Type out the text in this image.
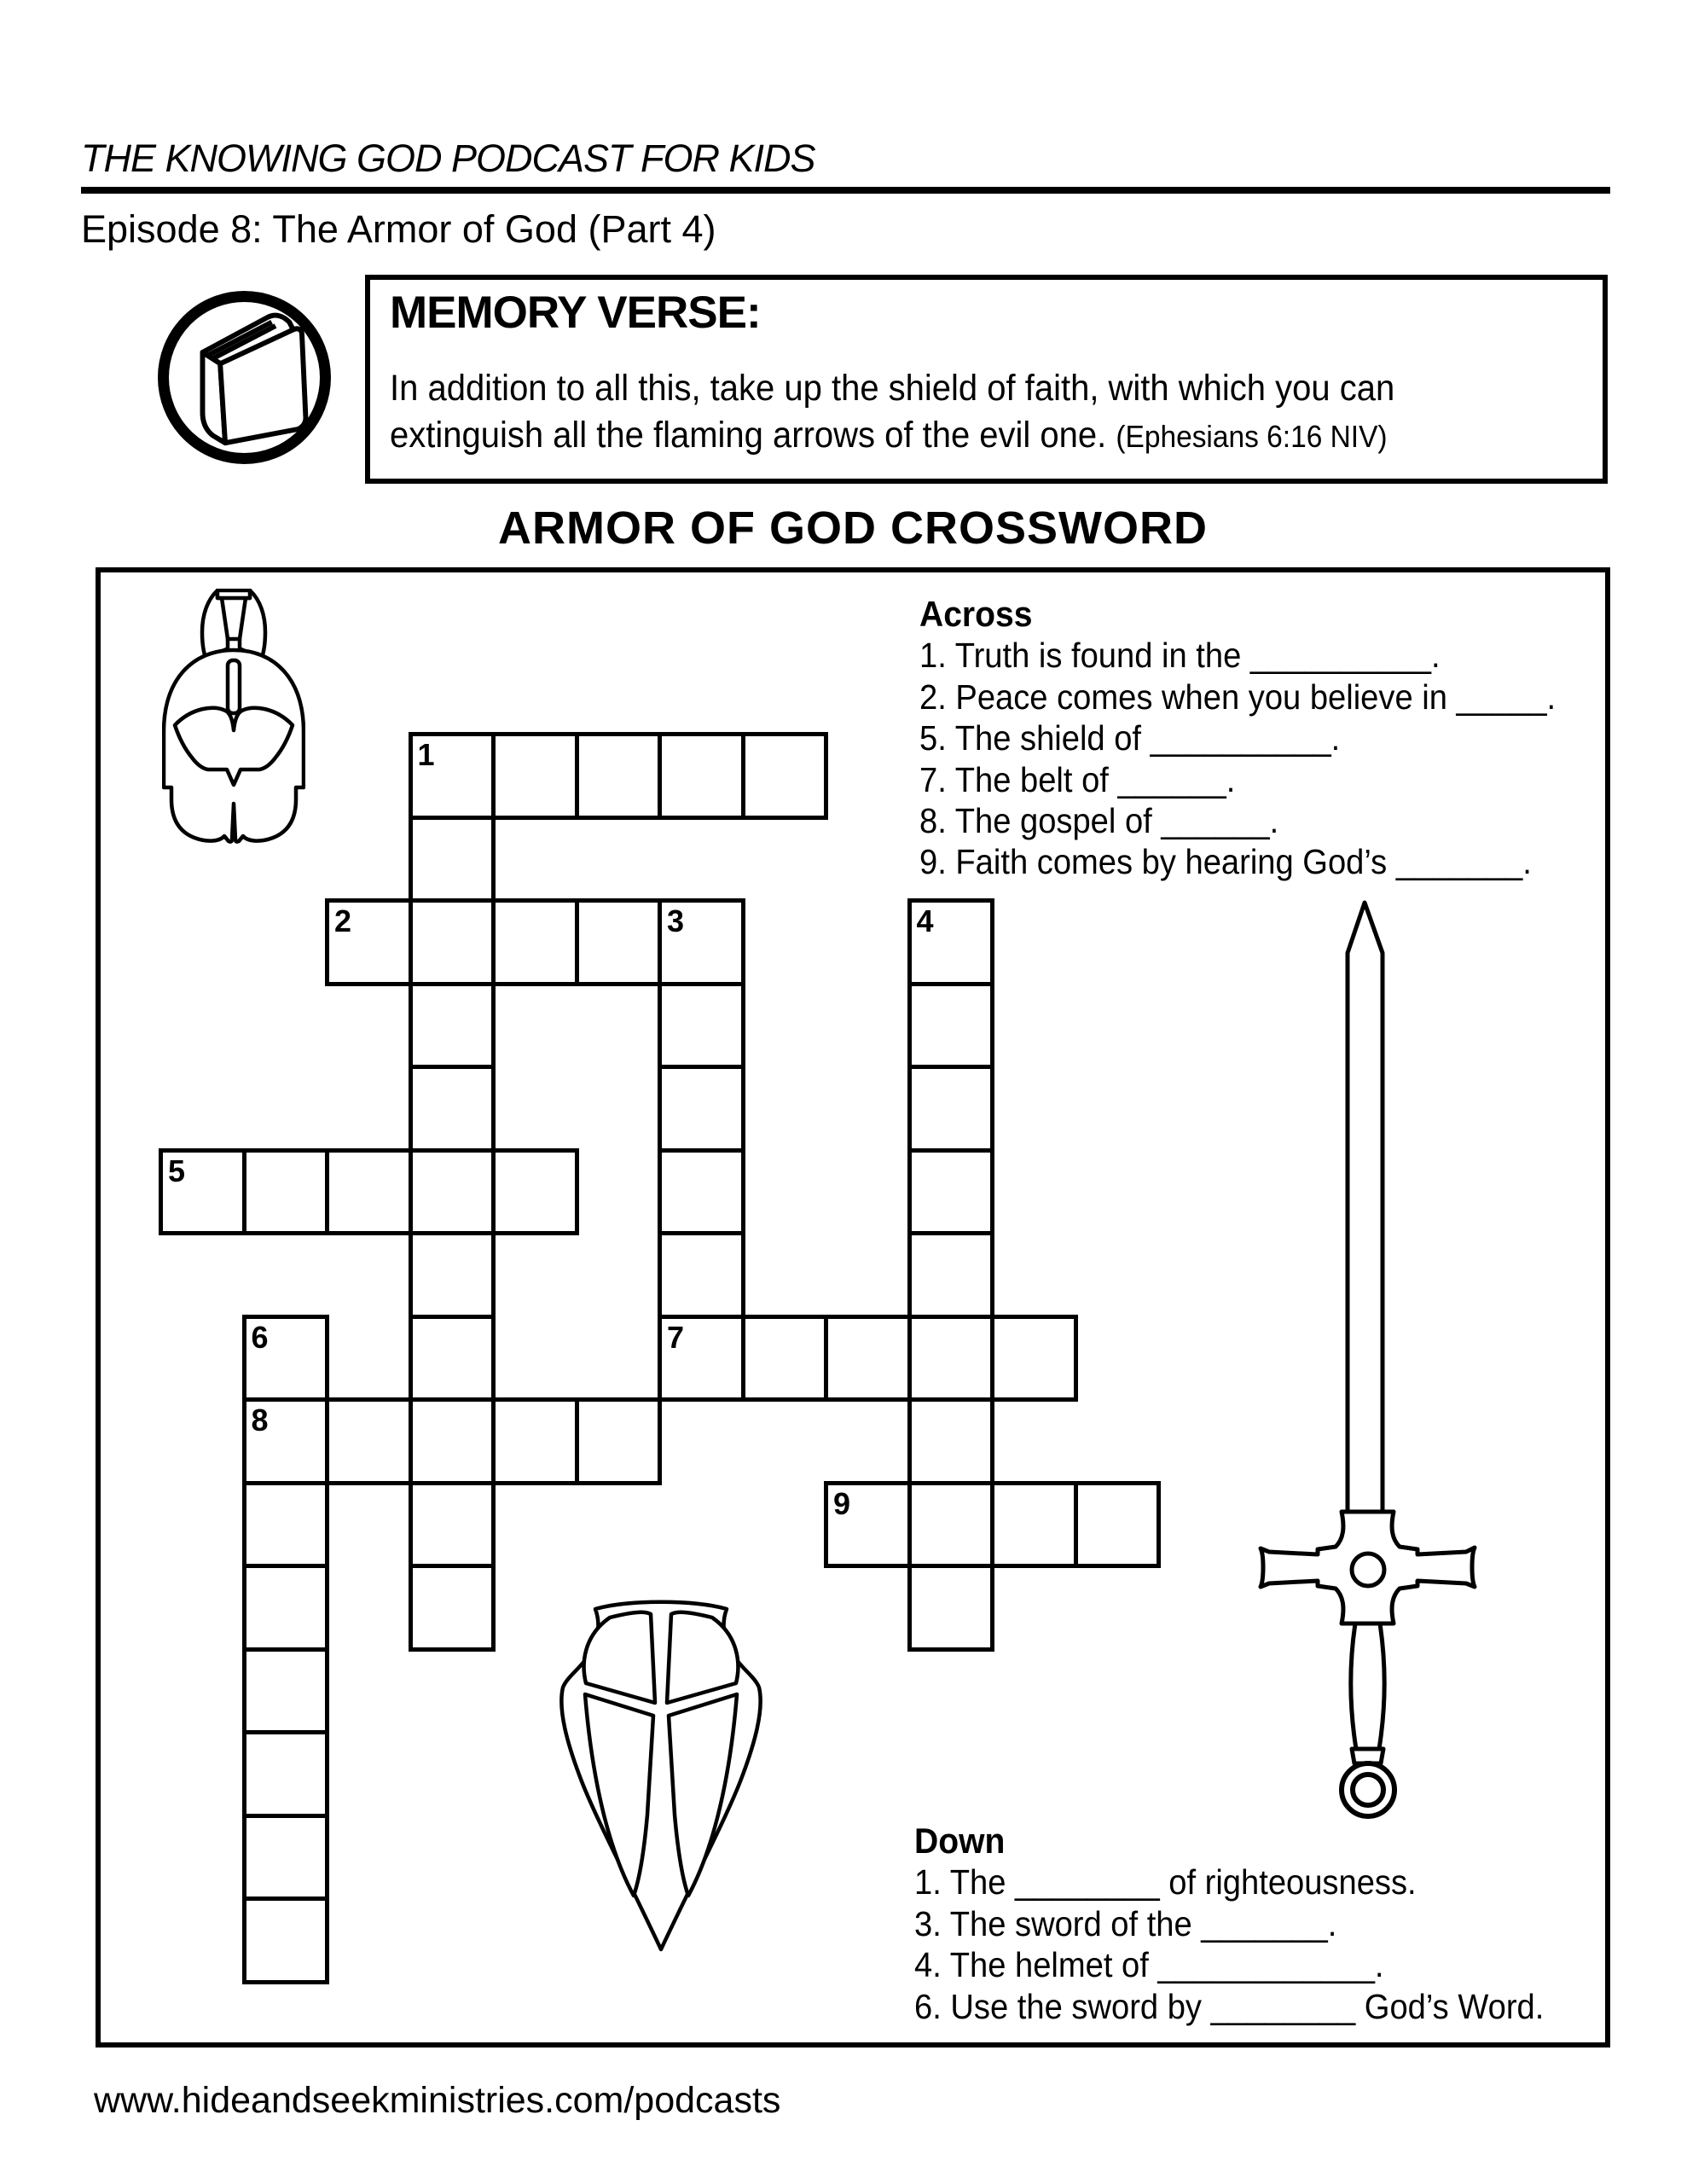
THE KNOWING GOD PODCAST FOR KIDS
Episode 8: The Armor of God (Part 4)
MEMORY VERSE:
In addition to all this, take up the shield of faith, with which you can
extinguish all the flaming arrows of the evil one. (Ephesians 6:16 NIV)
ARMOR OF GOD CROSSWORD
Across
1. Truth is found in the __________.
2. Peace comes when you believe in _____.
5. The shield of __________.
7. The belt of ______.
8. The gospel of ______.
9. Faith comes by hearing God’s _______.
Down
1. The ________ of righteousness.
3. The sword of the _______.
4. The helmet of ____________.
6. Use the sword by ________ God’s Word.
1
2	3	4
5
6	7
8
9
www.hideandseekministries.com/podcasts
